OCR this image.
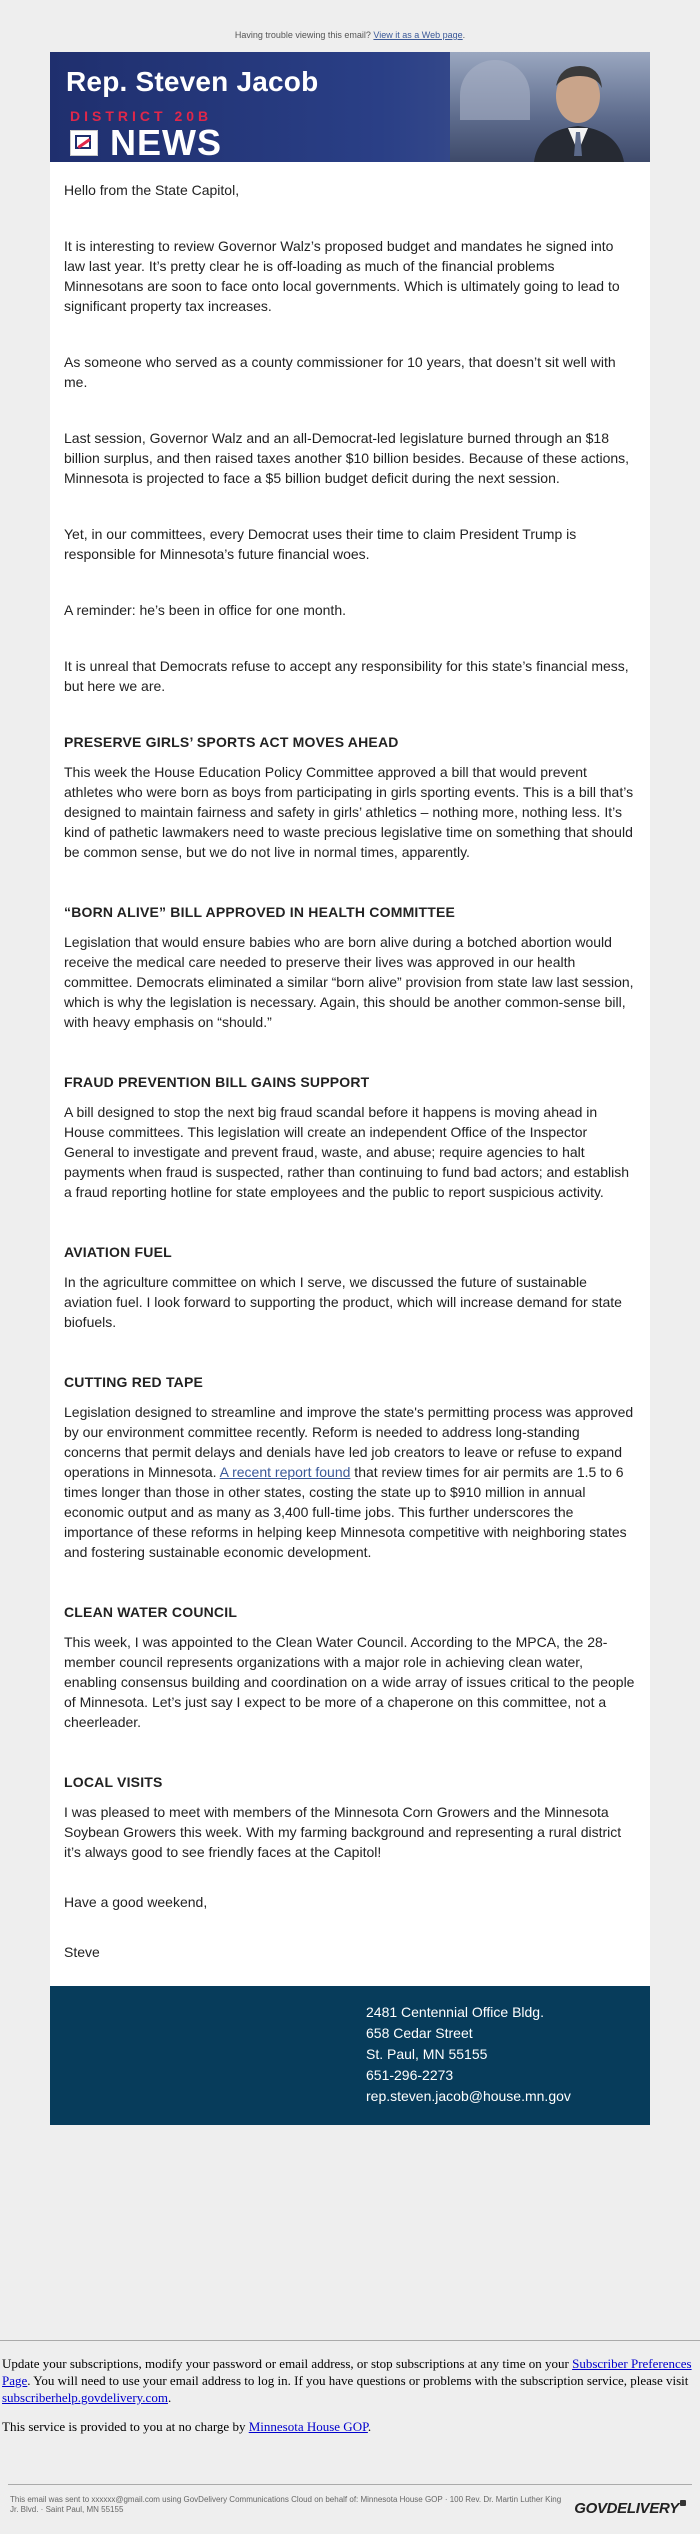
Having trouble viewing this email? View it as a Web page.
Rep. Steven Jacob
DISTRICT 20B
NEWS

Hello from the State Capitol,

It is interesting to review Governor Walz’s proposed budget and mandates he signed into law last year. It’s pretty clear he is off-loading as much of the financial problems Minnesotans are soon to face onto local governments. Which is ultimately going to lead to significant property tax increases.

As someone who served as a county commissioner for 10 years, that doesn’t sit well with me.

Last session, Governor Walz and an all-Democrat-led legislature burned through an $18 billion surplus, and then raised taxes another $10 billion besides. Because of these actions, Minnesota is projected to face a $5 billion budget deficit during the next session.

Yet, in our committees, every Democrat uses their time to claim President Trump is responsible for Minnesota’s future financial woes.

A reminder: he’s been in office for one month.

It is unreal that Democrats refuse to accept any responsibility for this state’s financial mess, but here we are.

PRESERVE GIRLS’ SPORTS ACT MOVES AHEAD

This week the House Education Policy Committee approved a bill that would prevent athletes who were born as boys from participating in girls sporting events. This is a bill that’s designed to maintain fairness and safety in girls’ athletics – nothing more, nothing less. It’s kind of pathetic lawmakers need to waste precious legislative time on something that should be common sense, but we do not live in normal times, apparently.

“BORN ALIVE” BILL APPROVED IN HEALTH COMMITTEE

Legislation that would ensure babies who are born alive during a botched abortion would receive the medical care needed to preserve their lives was approved in our health committee. Democrats eliminated a similar “born alive” provision from state law last session, which is why the legislation is necessary. Again, this should be another common-sense bill, with heavy emphasis on “should.”

FRAUD PREVENTION BILL GAINS SUPPORT

A bill designed to stop the next big fraud scandal before it happens is moving ahead in House committees. This legislation will create an independent Office of the Inspector General to investigate and prevent fraud, waste, and abuse; require agencies to halt payments when fraud is suspected, rather than continuing to fund bad actors; and establish a fraud reporting hotline for state employees and the public to report suspicious activity.

AVIATION FUEL

In the agriculture committee on which I serve, we discussed the future of sustainable aviation fuel. I look forward to supporting the product, which will increase demand for state biofuels.

CUTTING RED TAPE

Legislation designed to streamline and improve the state's permitting process was approved by our environment committee recently. Reform is needed to address long-standing concerns that permit delays and denials have led job creators to leave or refuse to expand operations in Minnesota. A recent report found that review times for air permits are 1.5 to 6 times longer than those in other states, costing the state up to $910 million in annual economic output and as many as 3,400 full-time jobs. This further underscores the importance of these reforms in helping keep Minnesota competitive with neighboring states and fostering sustainable economic development.

CLEAN WATER COUNCIL

This week, I was appointed to the Clean Water Council. According to the MPCA, the 28-member council represents organizations with a major role in achieving clean water, enabling consensus building and coordination on a wide array of issues critical to the people of Minnesota. Let’s just say I expect to be more of a chaperone on this committee, not a cheerleader.

LOCAL VISITS

I was pleased to meet with members of the Minnesota Corn Growers and the Minnesota Soybean Growers this week. With my farming background and representing a rural district it’s always good to see friendly faces at the Capitol!

Have a good weekend,

Steve

2481 Centennial Office Bldg.
658 Cedar Street
St. Paul, MN 55155
651-296-2273
rep.steven.jacob@house.mn.gov

Update your subscriptions, modify your password or email address, or stop subscriptions at any time on your Subscriber Preferences Page. You will need to use your email address to log in. If you have questions or problems with the subscription service, please visit subscriberhelp.govdelivery.com.

This service is provided to you at no charge by Minnesota House GOP.

This email was sent to xxxxxx@gmail.com using GovDelivery Communications Cloud on behalf of: Minnesota House GOP · 100 Rev. Dr. Martin Luther King Jr. Blvd. · Saint Paul, MN 55155	GOVDELIVERY
